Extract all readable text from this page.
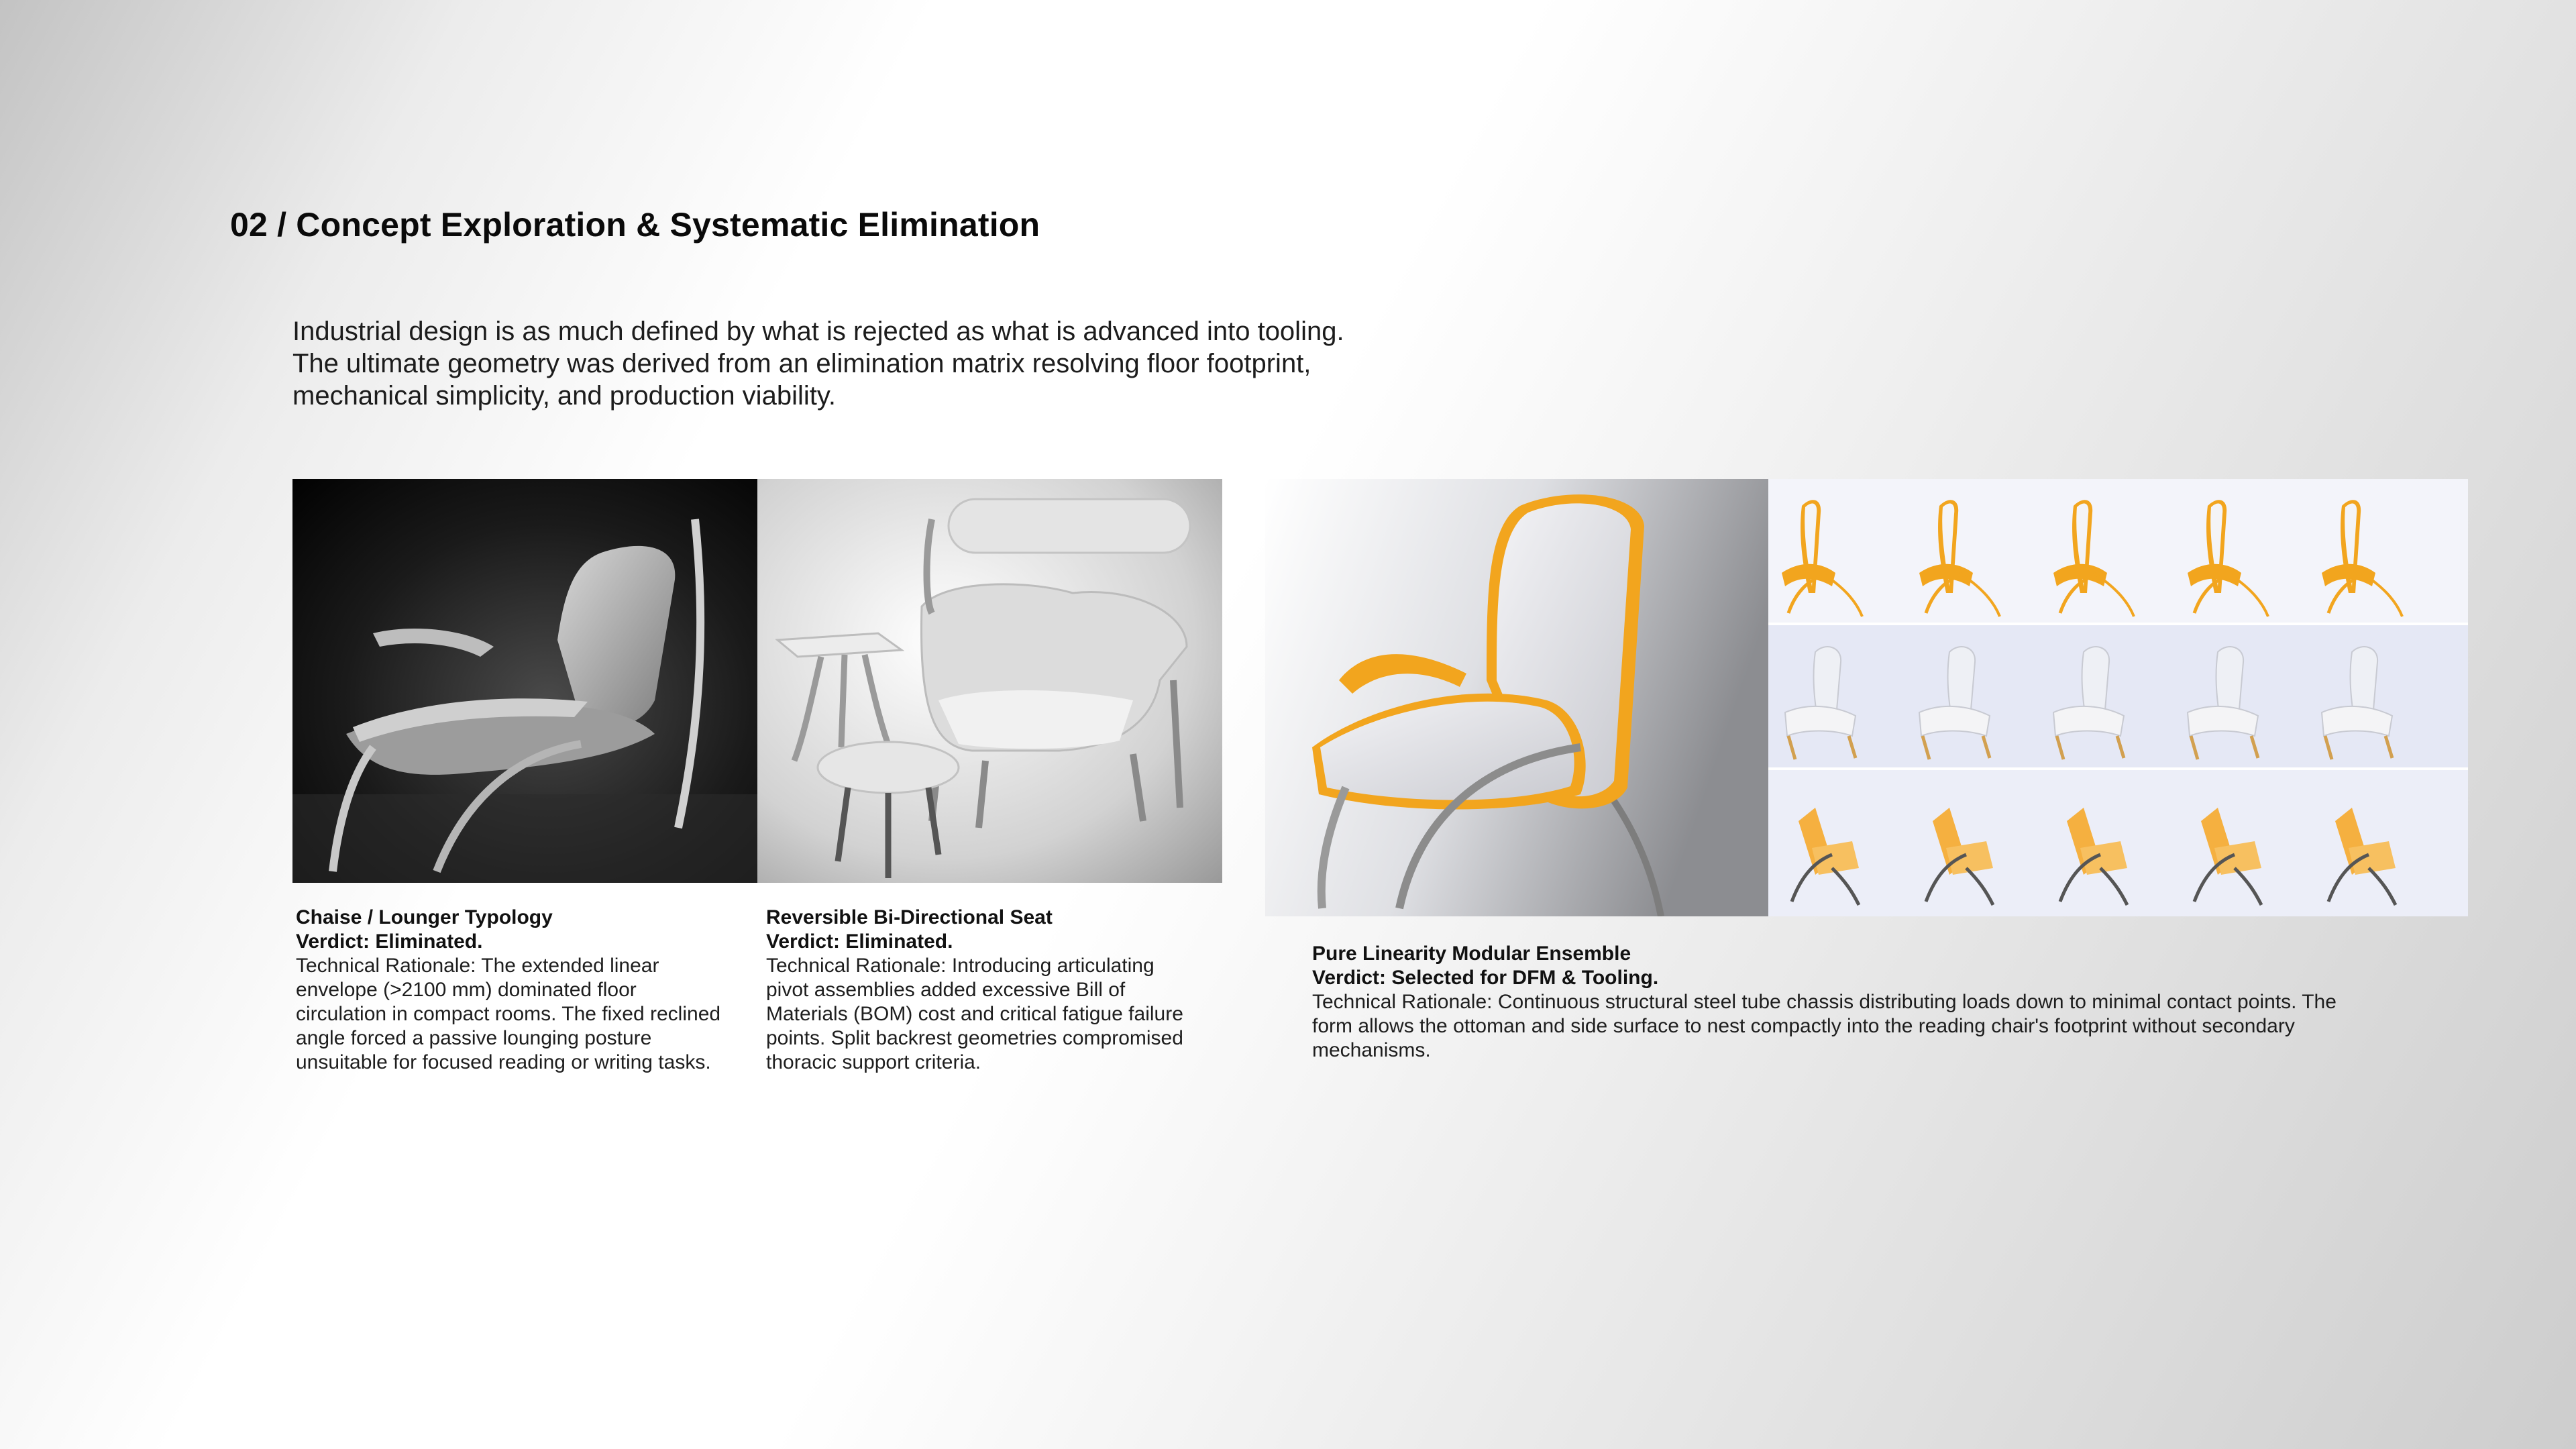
02 / Concept Exploration & Systematic Elimination

Industrial design is as much defined by what is rejected as what is advanced into tooling. The ultimate geometry was derived from an elimination matrix resolving floor footprint, mechanical simplicity, and production viability.

Chaise / Lounger Typology
Verdict: Eliminated.
Technical Rationale: The extended linear envelope (>2100 mm) dominated floor circulation in compact rooms. The fixed reclined angle forced a passive lounging posture unsuitable for focused reading or writing tasks.
Reversible Bi-Directional Seat
Verdict: Eliminated.
Technical Rationale: Introducing articulating pivot assemblies added excessive Bill of Materials (BOM) cost and critical fatigue failure points. Split backrest geometries compromised thoracic support criteria.
Pure Linearity Modular Ensemble
Verdict: Selected for DFM & Tooling.
Technical Rationale: Continuous structural steel tube chassis distributing loads down to minimal contact points. The form allows the ottoman and side surface to nest compactly into the reading chair's footprint without secondary mechanisms.
